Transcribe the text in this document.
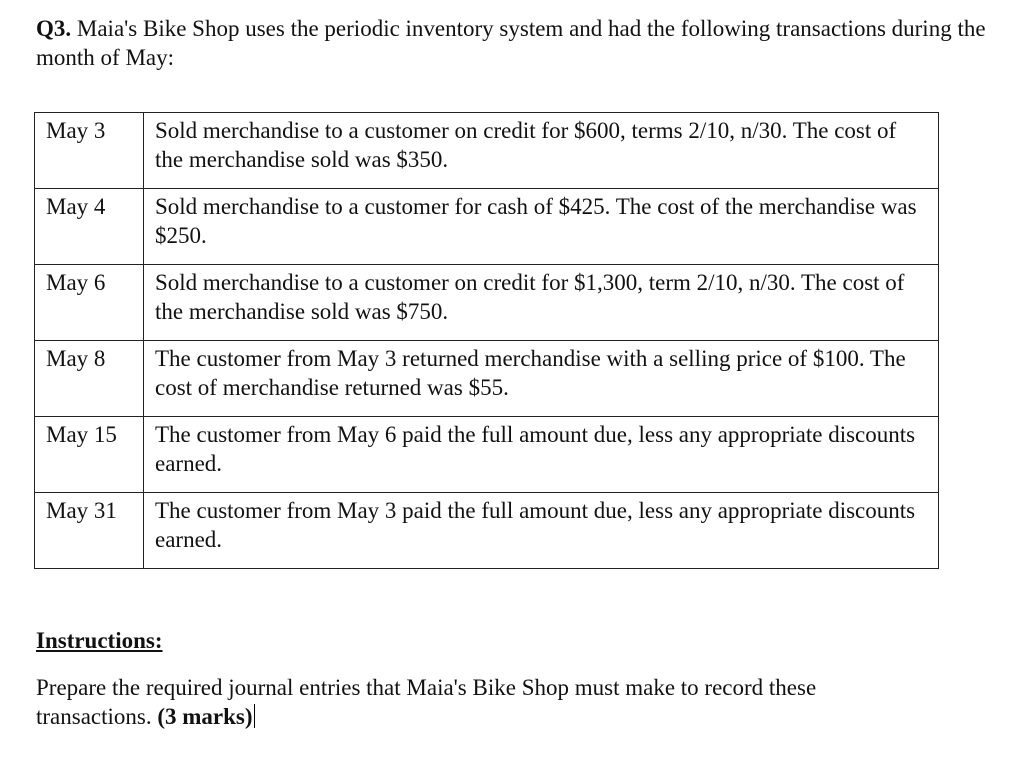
Q3. Maia's Bike Shop uses the periodic inventory system and had the following transactions during the month of May:
May 3	Sold merchandise to a customer on credit for $600, terms 2/10, n/30. The cost of the merchandise sold was $350.
May 4	Sold merchandise to a customer for cash of $425. The cost of the merchandise was $250.
May 6	Sold merchandise to a customer on credit for $1,300, term 2/10, n/30. The cost of the merchandise sold was $750.
May 8	The customer from May 3 returned merchandise with a selling price of $100. The cost of merchandise returned was $55.
May 15	The customer from May 6 paid the full amount due, less any appropriate discounts earned.
May 31	The customer from May 3 paid the full amount due, less any appropriate discounts earned.
Instructions:
Prepare the required journal entries that Maia's Bike Shop must make to record these transactions. (3 marks)
